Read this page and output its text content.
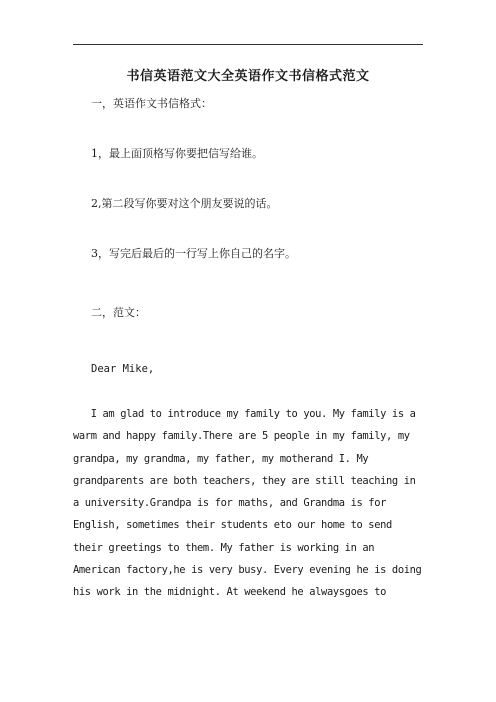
书信英语范文大全英语作文书信格式范文
一，英语作文书信格式：
1，最上面顶格写你要把信写给谁。
2,第二段写你要对这个朋友要说的话。
3，写完后最后的一行写上你自己的名字。
二，范文：
Dear Mike,
I am glad to introduce my family to you. My family is a
warm and happy family.There are 5 people in my family, my
grandpa, my grandma, my father, my motherand I. My
grandparents are both teachers, they are still teaching in
a university.Grandpa is for maths, and Grandma is for
English, sometimes their students eto our home to send
their greetings to them. My father is working in an
American factory,he is very busy. Every evening he is doing
his work in the midnight. At weekend he alwaysgoes to
